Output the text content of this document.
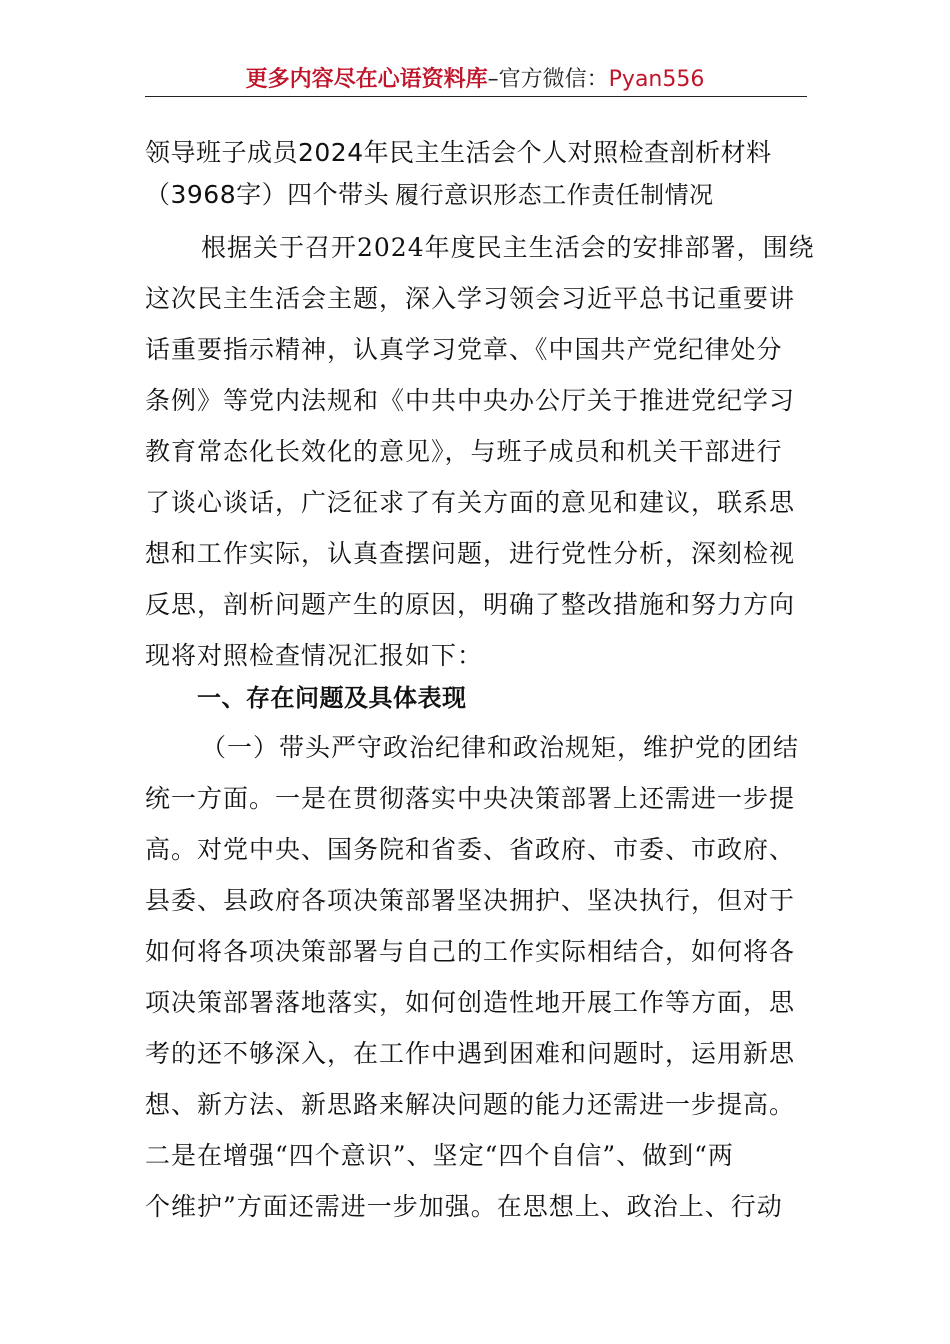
更多内容尽在心语资料库–官方微信：Pyan556
领导班子成员2024年民主生活会个人对照检查剖析材料
（3968字）四个带头 履行意识形态工作责任制情况
根据关于召开2024年度民主生活会的安排部署，围绕
这次民主生活会主题，深入学习领会习近平总书记重要讲
话重要指示精神，认真学习党章、《中国共产党纪律处分
条例》等党内法规和《中共中央办公厅关于推进党纪学习
教育常态化长效化的意见》，与班子成员和机关干部进行
了谈心谈话，广泛征求了有关方面的意见和建议，联系思
想和工作实际，认真查摆问题，进行党性分析，深刻检视
反思，剖析问题产生的原因，明确了整改措施和努力方向
现将对照检查情况汇报如下：
一、存在问题及具体表现
（一）带头严守政治纪律和政治规矩，维护党的团结
统一方面。一是在贯彻落实中央决策部署上还需进一步提
高。对党中央、国务院和省委、省政府、市委、市政府、
县委、县政府各项决策部署坚决拥护、坚决执行，但对于
如何将各项决策部署与自己的工作实际相结合，如何将各
项决策部署落地落实，如何创造性地开展工作等方面，思
考的还不够深入，在工作中遇到困难和问题时，运用新思
想、新方法、新思路来解决问题的能力还需进一步提高。
二是在增强“四个意识”、坚定“四个自信”、做到“两
个维护”方面还需进一步加强。在思想上、政治上、行动
